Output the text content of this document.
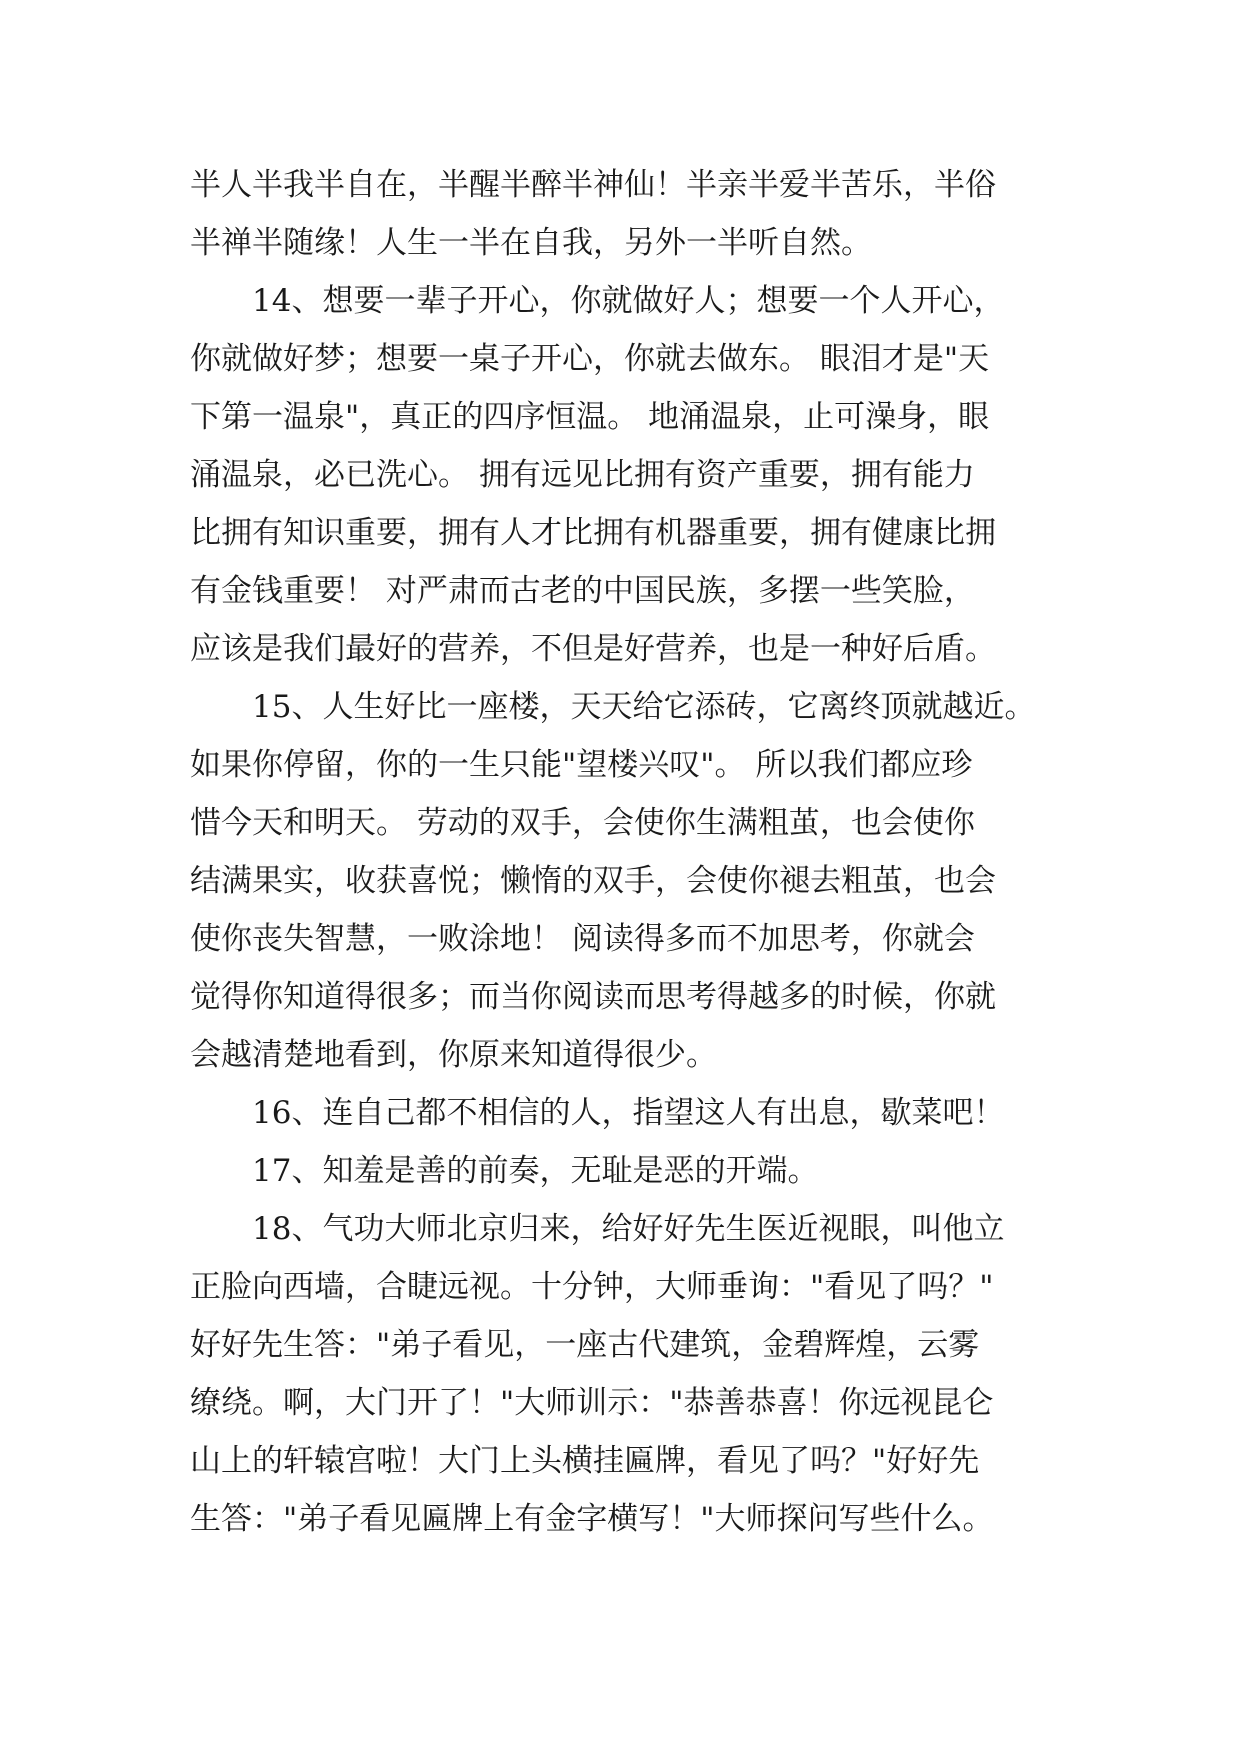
半人半我半自在，半醒半醉半神仙！半亲半爱半苦乐，半俗
半禅半随缘！人生一半在自我，另外一半听自然。
14、想要一辈子开心，你就做好人；想要一个人开心，
你就做好梦；想要一桌子开心，你就去做东。 眼泪才是"天
下第一温泉"，真正的四序恒温。 地涌温泉，止可澡身，眼
涌温泉，必已洗心。 拥有远见比拥有资产重要，拥有能力
比拥有知识重要，拥有人才比拥有机器重要，拥有健康比拥
有金钱重要！ 对严肃而古老的中国民族，多摆一些笑脸，
应该是我们最好的营养，不但是好营养，也是一种好后盾。
15、人生好比一座楼，天天给它添砖，它离终顶就越近。
如果你停留，你的一生只能"望楼兴叹"。 所以我们都应珍
惜今天和明天。 劳动的双手，会使你生满粗茧，也会使你
结满果实，收获喜悦；懒惰的双手，会使你褪去粗茧，也会
使你丧失智慧，一败涂地！ 阅读得多而不加思考，你就会
觉得你知道得很多；而当你阅读而思考得越多的时候，你就
会越清楚地看到，你原来知道得很少。
16、连自己都不相信的人，指望这人有出息，歇菜吧！
17、知羞是善的前奏，无耻是恶的开端。
18、气功大师北京归来，给好好先生医近视眼，叫他立
正脸向西墙，合睫远视。十分钟，大师垂询："看见了吗？"
好好先生答："弟子看见，一座古代建筑，金碧辉煌，云雾
缭绕。啊，大门开了！"大师训示："恭善恭喜！你远视昆仑
山上的轩辕宫啦！大门上头横挂匾牌，看见了吗？"好好先
生答："弟子看见匾牌上有金字横写！"大师探问写些什么。
